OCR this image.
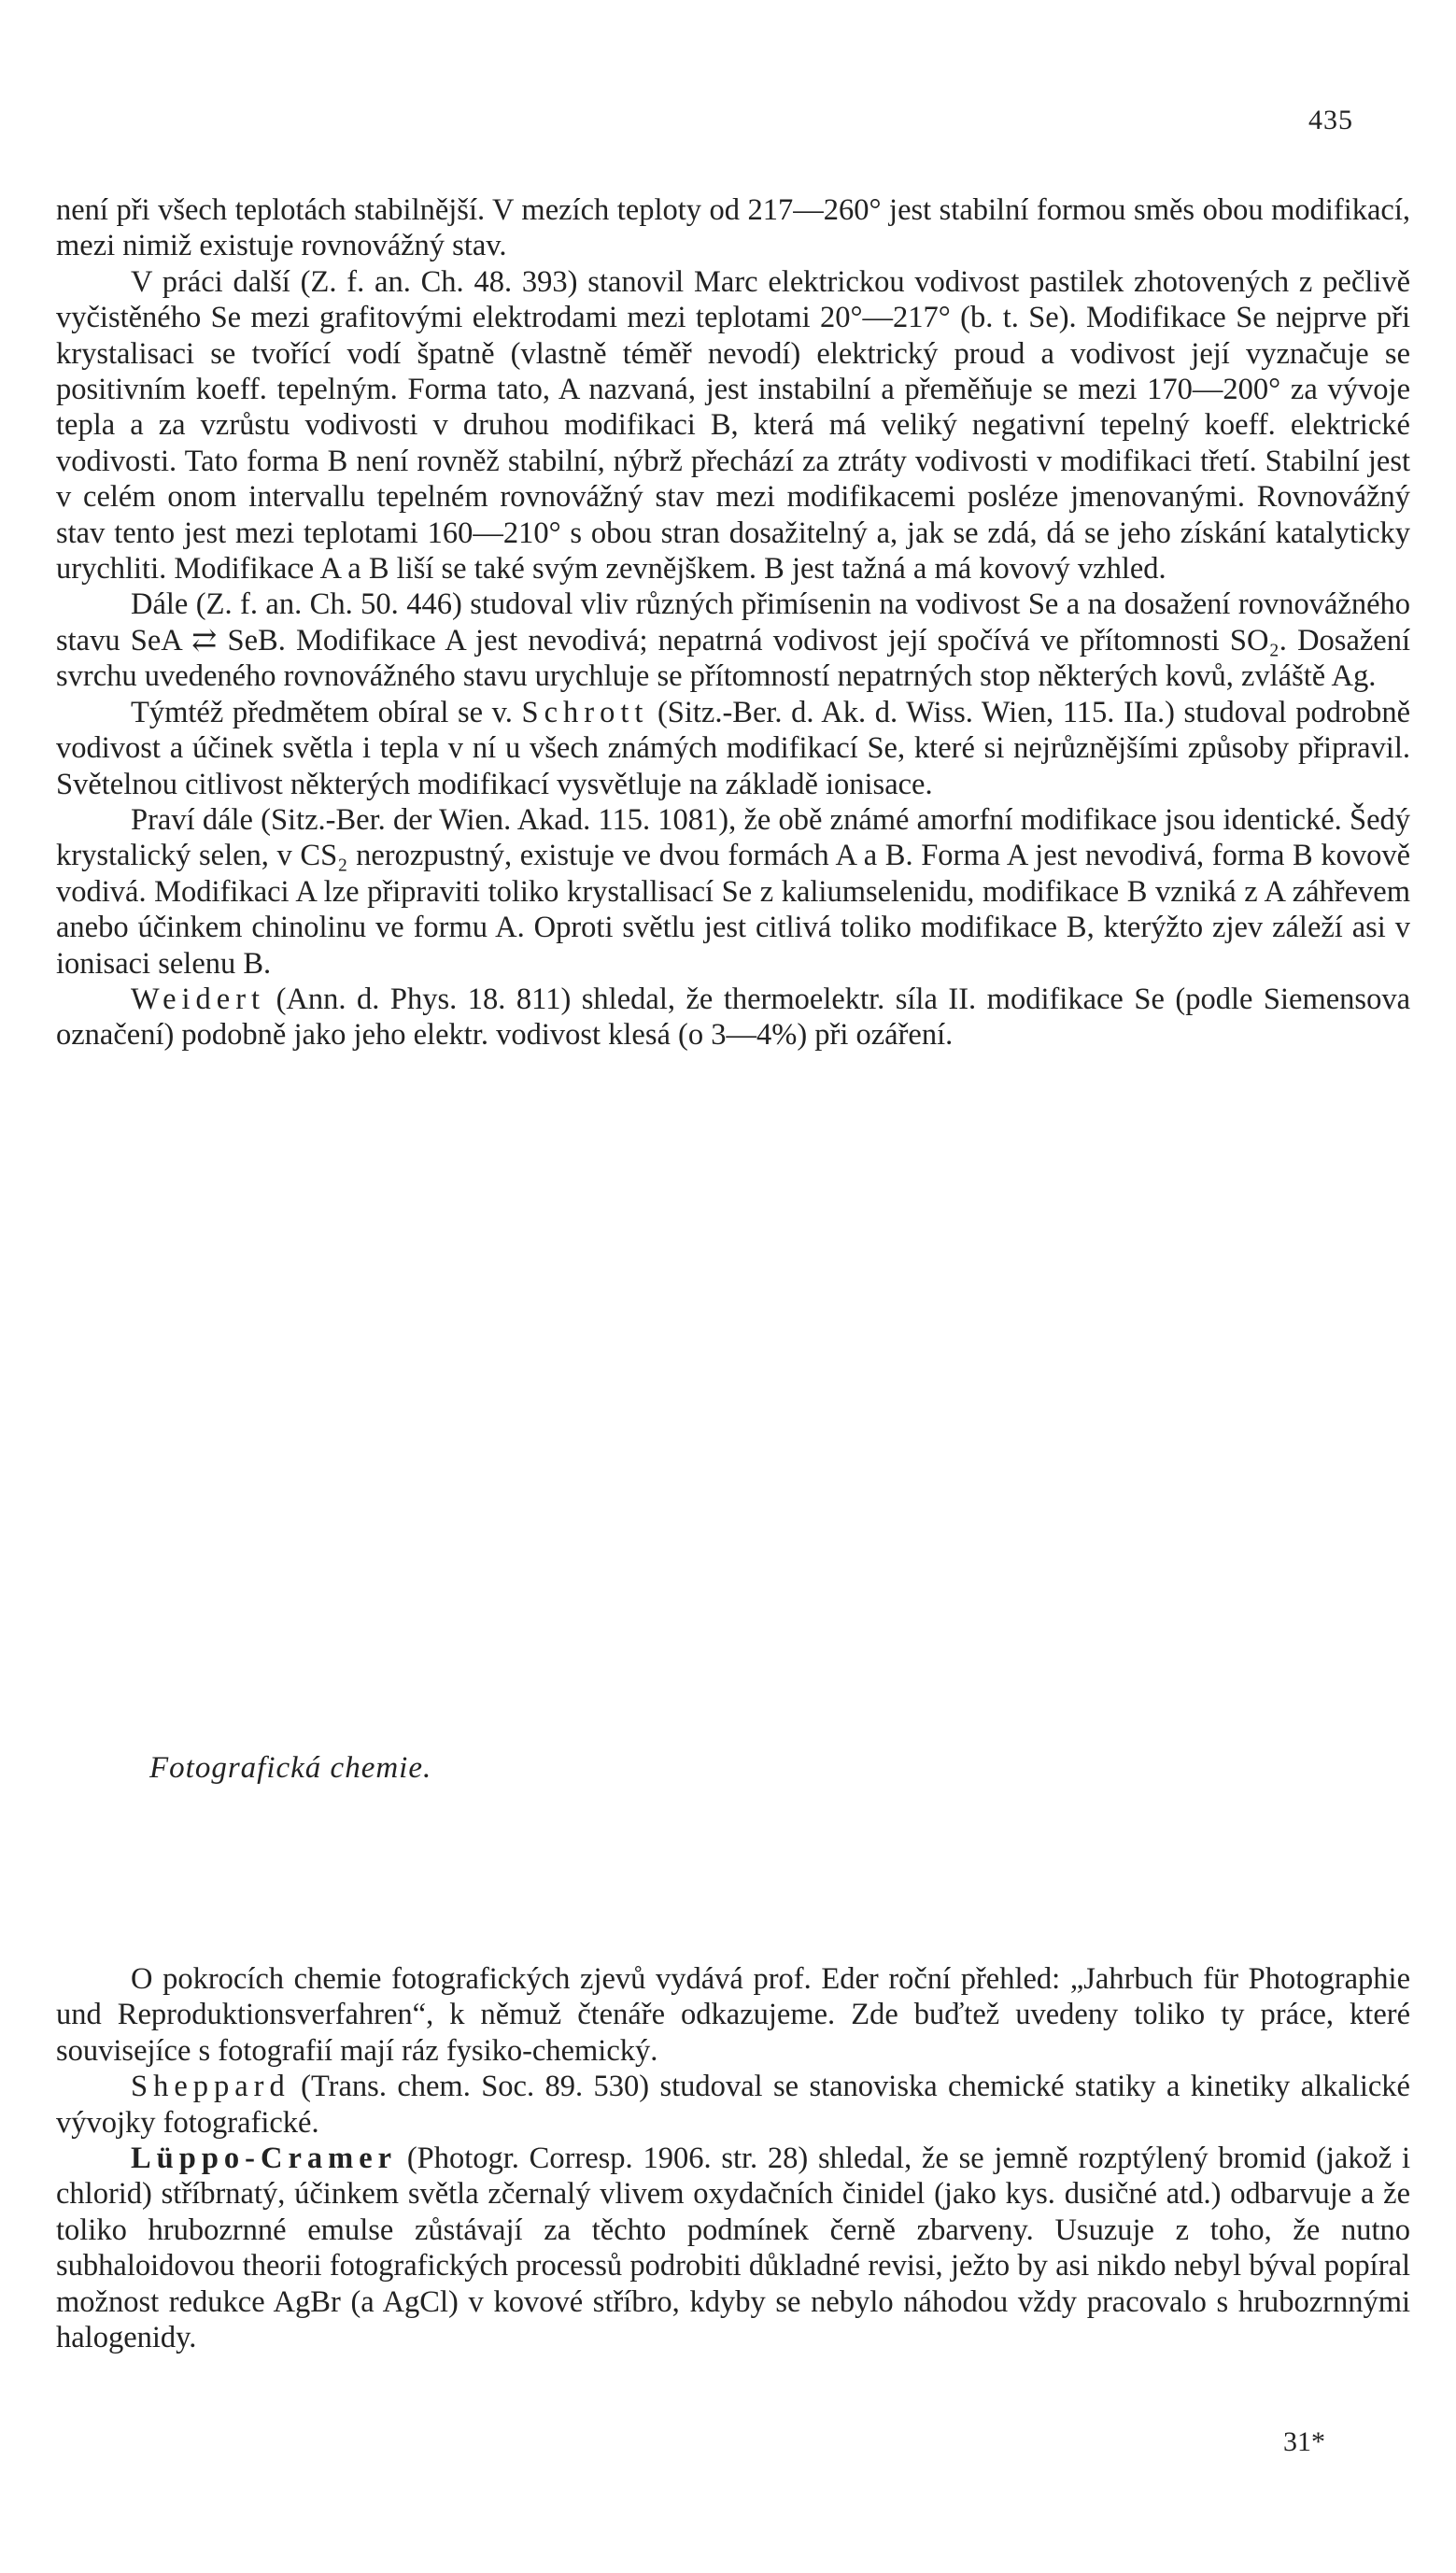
435

není při všech teplotách stabilnější. V mezích teploty od 217—260° jest stabilní formou směs obou modifikací, mezi nimiž existuje rovnovážný stav.

V práci další (Z. f. an. Ch. 48. 393) stanovil Marc elektrickou vodivost pastilek zhotovených z pečlivě vyčistěného Se mezi grafitovými elektrodami mezi teplotami 20°—217° (b. t. Se). Modifikace Se nejprve při krystalisaci se tvořící vodí špatně (vlastně téměř nevodí) elektrický proud a vodivost její vyznačuje se positivním koeff. tepelným. Forma tato, A nazvaná, jest instabilní a přeměňuje se mezi 170—200° za vývoje tepla a za vzrůstu vodivosti v druhou modifikaci B, která má veliký negativní tepelný koeff. elektrické vodivosti. Tato forma B není rovněž stabilní, nýbrž přechází za ztráty vodivosti v modifikaci třetí. Stabilní jest v celém onom intervallu tepelném rovnovážný stav mezi modifikacemi posléze jmenovanými. Rovnovážný stav tento jest mezi teplotami 160—210° s obou stran dosažitelný a, jak se zdá, dá se jeho získání katalyticky urychliti. Modifikace A a B liší se také svým zevnějškem. B jest tažná a má kovový vzhled.

Dále (Z. f. an. Ch. 50. 446) studoval vliv různých přimísenin na vodivost Se a na dosažení rovnovážného stavu SeA ⇄ SeB. Modifikace A jest nevodivá; nepatrná vodivost její spočívá ve přítomnosti SO₂. Dosažení svrchu uvedeného rovnovážného stavu urychluje se přítomností nepatrných stop některých kovů, zvláště Ag.

Týmtéž předmětem obíral se v. Schrott (Sitz.-Ber. d. Ak. d. Wiss. Wien, 115. IIa.) studoval podrobně vodivost a účinek světla i tepla v ní u všech známých modifikací Se, které si nejrůznějšími způsoby připravil. Světelnou citlivost některých modifikací vysvětluje na základě ionisace.

Praví dále (Sitz.-Ber. der Wien. Akad. 115. 1081), že obě známé amorfní modifikace jsou identické. Šedý krystalický selen, v CS₂ nerozpustný, existuje ve dvou formách A a B. Forma A jest nevodivá, forma B kovově vodivá. Modifikaci A lze připraviti toliko krystallisací Se z kaliumselenidu, modifikace B vzniká z A záhřevem anebo účinkem chinolinu ve formu A. Oproti světlu jest citlivá toliko modifikace B, kterýžto zjev záleží asi v ionisaci selenu B.

Weidert (Ann. d. Phys. 18. 811) shledal, že thermoelektr. síla II. modifikace Se (podle Siemensova označení) podobně jako jeho elektr. vodivost klesá (o 3—4%) při ozáření.

Fotografická chemie.

O pokrocích chemie fotografických zjevů vydává prof. Eder roční přehled: „Jahrbuch für Photographie und Reproduktionsverfahren“, k němuž čtenáře odkazujeme. Zde buďtež uvedeny toliko ty práce, které souvisejíce s fotografií mají ráz fysiko-chemický.

Sheppard (Trans. chem. Soc. 89. 530) studoval se stanoviska chemické statiky a kinetiky alkalické vývojky fotografické.

Lüppo-Cramer (Photogr. Corresp. 1906. str. 28) shledal, že se jemně rozptýlený bromid (jakož i chlorid) stříbrnatý, účinkem světla zčernalý vlivem oxydačních činidel (jako kys. dusičné atd.) odbarvuje a že toliko hrubozrnné emulse zůstávají za těchto podmínek černě zbarveny. Usuzuje z toho, že nutno subhaloidovou theorii fotografických processů podrobiti důkladné revisi, ježto by asi nikdo nebyl býval popíral možnost redukce AgBr (a AgCl) v kovové stříbro, kdyby se nebylo náhodou vždy pracovalo s hrubozrnnými halogenidy.

31*
